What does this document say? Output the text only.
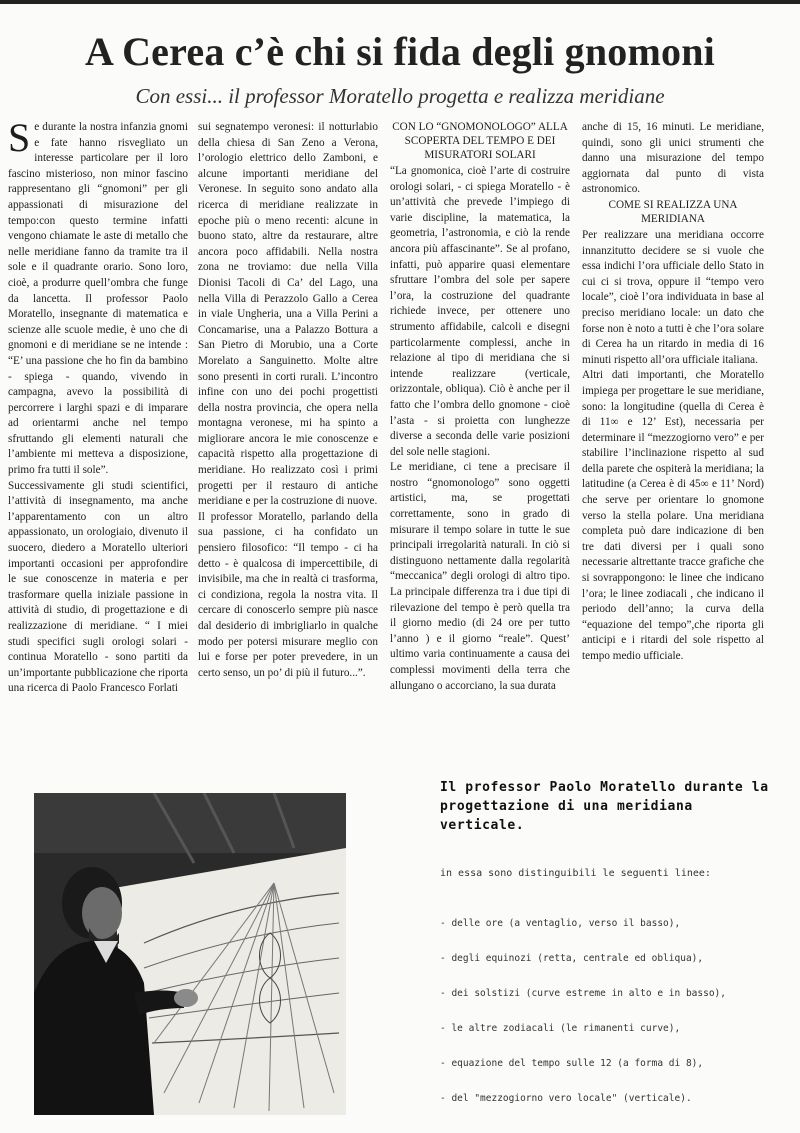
A Cerea c’è chi si fida degli gnomoni
Con essi... il professor Moratello progetta e realizza meridiane
S e durante la nostra infanzia gnomi e fate hanno risvegliato un interesse particolare per il loro fascino misterioso, non minor fascino rappresentano gli “gnomoni” per gli appassionati di misurazione del tempo:con questo termine infatti vengono chiamate le aste di metallo che nelle meridiane fanno da tramite tra il sole e il quadrante orario. Sono loro, cioè, a produrre quell’ombra che funge da lancetta. Il professor Paolo Moratello, insegnante di matematica e scienze alle scuole medie, è uno che di gnomoni e di meridiane se ne intende : “E’ una passione che ho fin da bambino - spiega - quando, vivendo in campagna, avevo la possibilità di percorrere i larghi spazi e di imparare ad orientarmi anche nel tempo sfruttando gli elementi naturali che l’ambiente mi metteva a disposizione, primo fra tutti il sole”.

Successivamente gli studi scientifici, l’attività di insegnamento, ma anche l’apparentamento con un altro appassionato, un orologiaio, divenuto il suocero, diedero a Moratello ulteriori importanti occasioni per approfondire le sue conoscenze in materia e per trasformare quella iniziale passione in attività di studio, di progettazione e di realizzazione di meridiane. “ I miei studi specifici sugli orologi solari - continua Moratello - sono partiti da un’importante pubblicazione che riporta una ricerca di Paolo Francesco Forlati

sui segnatempo veronesi: il notturlabio della chiesa di San Zeno a Verona, l’orologio elettrico dello Zamboni, e alcune importanti meridiane del Veronese. In seguito sono andato alla ricerca di meridiane realizzate in epoche più o meno recenti: alcune in buono stato, altre da restaurare, altre ancora poco affidabili. Nella nostra zona ne troviamo: due nella Villa Dionisi Tacoli di Ca’ del Lago, una nella Villa di Perazzolo Gallo a Cerea in viale Ungheria, una a Villa Perini a Concamarise, una a Palazzo Bottura a San Pietro di Morubio, una a Corte Morelato a Sanguinetto. Molte altre sono presenti in corti rurali. L’incontro infine con uno dei pochi progettisti della nostra provincia, che opera nella montagna veronese, mi ha spinto a migliorare ancora le mie conoscenze e capacità rispetto alla progettazione di meridiane. Ho realizzato così i primi progetti per il restauro di antiche meridiane e per la costruzione di nuove.

Il professor Moratello, parlando della sua passione, ci ha confidato un pensiero filosofico: “Il tempo - ci ha detto - è qualcosa di impercettibile, di invisibile, ma che in realtà ci trasforma, ci condiziona, regola la nostra vita. Il cercare di conoscerlo sempre più nasce dal desiderio di imbrigliarlo in qualche modo per potersi misurare meglio con lui e forse per poter prevedere, in un certo senso, un po’ di più il futuro...”.

CON LO “GNOMONOLOGO” ALLA SCOPERTA DEL TEMPO E DEI MISURATORI SOLARI

“La gnomonica, cioè l’arte di costruire orologi solari, - ci spiega Moratello - è un’attività che prevede l’impiego di varie discipline, la matematica, la geometria, l’astronomia, e ciò la rende ancora più affascinante”. Se al profano, infatti, può apparire quasi elementare sfruttare l’ombra del sole per sapere l’ora, la costruzione del quadrante richiede invece, per ottenere uno strumento affidabile, calcoli e disegni particolarmente complessi, anche in relazione al tipo di meridiana che si intende realizzare (verticale, orizzontale, obliqua). Ciò è anche per il fatto che l’ombra dello gnomone - cioè l’asta - si proietta con lunghezze diverse a seconda delle varie posizioni del sole nelle stagioni.

Le meridiane, ci tene a precisare il nostro “gnomonologo” sono oggetti artistici, ma, se progettati correttamente, sono in grado di misurare il tempo solare in tutte le sue principali irregolarità naturali. In ciò si distinguono nettamente dalla regolarità “meccanica” degli orologi di altro tipo. La principale differenza tra i due tipi di rilevazione del tempo è però quella tra il giorno medio (di 24 ore per tutto l’anno ) e il giorno “reale”. Quest’ ultimo varia continuamente a causa dei complessi movimenti della terra che allungano o accorciano, la sua durata

anche di 15, 16 minuti. Le meridiane, quindi, sono gli unici strumenti che danno una misurazione del tempo aggiornata dal punto di vista astronomico.

COME SI REALIZZA UNA MERIDIANA

Per realizzare una meridiana occorre innanzitutto decidere se si vuole che essa indichi l’ora ufficiale dello Stato in cui ci si trova, oppure il “tempo vero locale”, cioè l’ora individuata in base al preciso meridiano locale: un dato che forse non è noto a tutti è che l’ora solare di Cerea ha un ritardo in media di 16 minuti rispetto all’ora ufficiale italiana.

Altri dati importanti, che Moratello impiega per progettare le sue meridiane, sono: la longitudine (quella di Cerea è di 11∞ e 12’ Est), necessaria per determinare il “mezzogiorno vero” e per stabilire l’inclinazione rispetto al sud della parete che ospiterà la meridiana; la latitudine (a Cerea è di 45∞ e 11’ Nord) che serve per orientare lo gnomone verso la stella polare. Una meridiana completa può dare indicazione di ben tre dati diversi per i quali sono necessarie altrettante tracce grafiche che si sovrappongono: le linee che indicano l’ora; le linee zodiacali , che indicano il periodo dell’anno; la curva della “equazione del tempo”,che riporta gli anticipi e i ritardi del sole rispetto al tempo medio ufficiale.

Il professor Paolo Moratello durante la progettazione di una meridiana verticale.

in essa sono distinguibili le seguenti linee:

- delle ore (a ventaglio, verso il basso),
- degli equinozi (retta, centrale ed obliqua),
- dei solstizi (curve estreme in alto e in basso),
- le altre zodiacali (le rimanenti curve),
- equazione del tempo sulle 12 (a forma di 8),
- del "mezzogiorno vero locale" (verticale).
